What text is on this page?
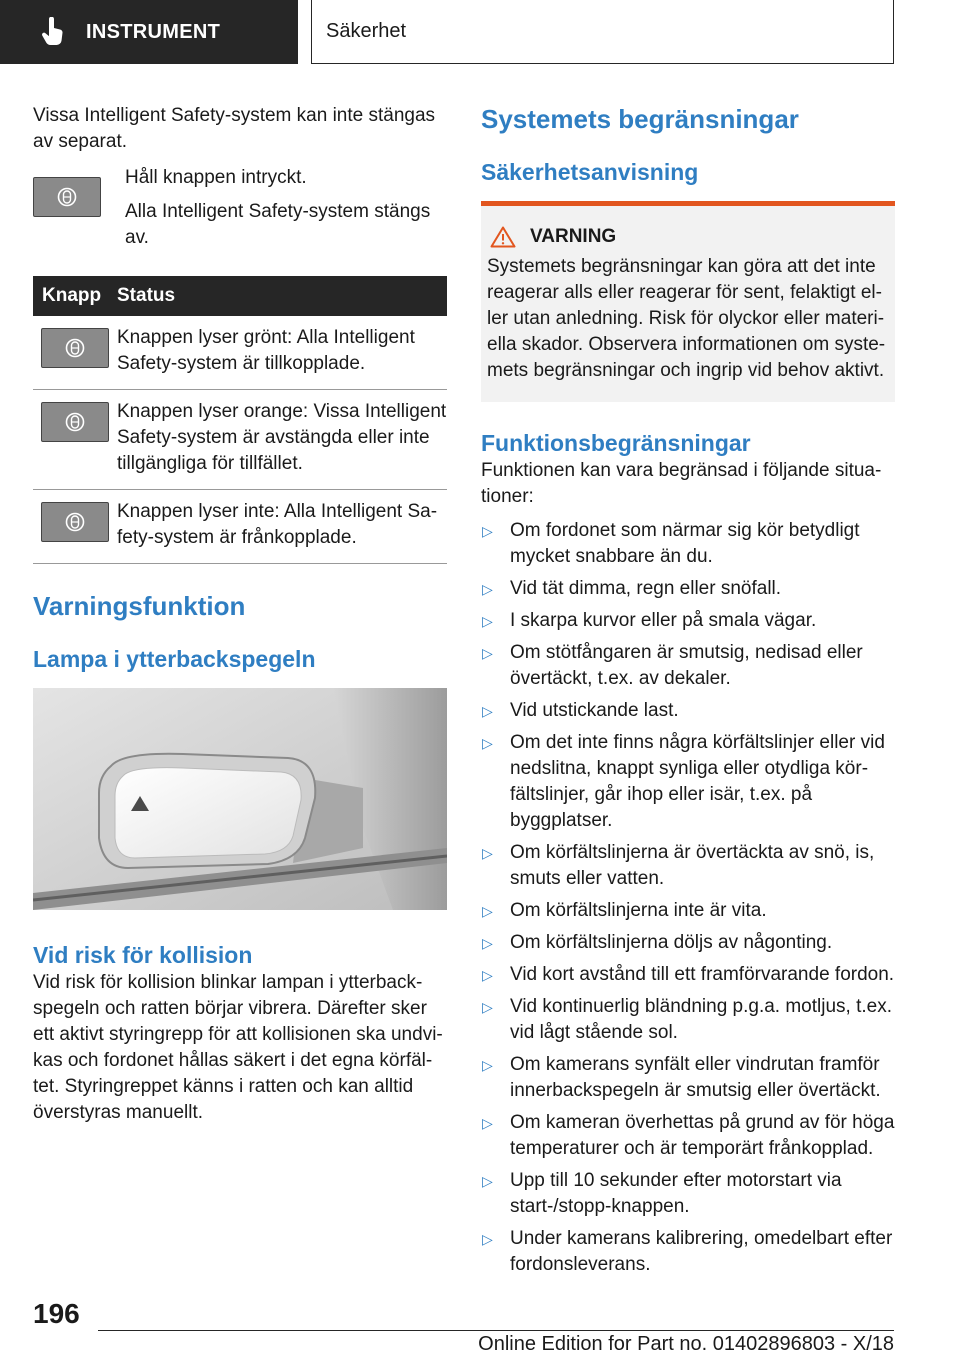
INSTRUMENT	Säkerhet

Vissa Intelligent Safety-system kan inte stängas av separat.

Håll knappen intryckt.

Alla Intelligent Safety-system stängs av.

Knapp	Status

	Knappen lyser grönt: Alla Intelligent Safety-system är tillkopplade.

	Knappen lyser orange: Vissa Intelligent Safety-system är avstängda eller inte tillgängliga för tillfället.

	Knappen lyser inte: Alla Intelligent Safety-system är frånkopplade.
Varningsfunktion
Lampa i ytterbackspegeln
Vid risk för kollision

Vid risk för kollision blinkar lampan i ytterbackspegeln och ratten börjar vibrera. Därefter sker ett aktivt styringrepp för att kollisionen ska undvikas och fordonet hållas säkert i det egna körfältet. Styringreppet känns i ratten och kan alltid överstyras manuellt.

Systemets begränsningar
Säkerhetsanvisning
VARNING

Systemets begränsningar kan göra att det inte reagerar alls eller reagerar för sent, felaktigt eller utan anledning. Risk för olyckor eller materiella skador. Observera informationen om systemets begränsningar och ingrip vid behov aktivt.

Funktionsbegränsningar

Funktionen kan vara begränsad i följande situationer:

▷ Om fordonet som närmar sig kör betydligt mycket snabbare än du.
▷ Vid tät dimma, regn eller snöfall.
▷ I skarpa kurvor eller på smala vägar.
▷ Om stötfångaren är smutsig, nedisad eller övertäckt, t.ex. av dekaler.
▷ Vid utstickande last.
▷ Om det inte finns några körfältslinjer eller vid nedslitna, knappt synliga eller otydliga körfältslinjer, går ihop eller isär, t.ex. på byggplatser.
▷ Om körfältslinjerna är övertäckta av snö, is, smuts eller vatten.
▷ Om körfältslinjerna inte är vita.
▷ Om körfältslinjerna döljs av någonting.
▷ Vid kort avstånd till ett framförvarande fordon.
▷ Vid kontinuerlig bländning p.g.a. motljus, t.ex. vid lågt stående sol.
▷ Om kamerans synfält eller vindrutan framför innerbackspegeln är smutsig eller övertäckt.
▷ Om kameran överhettas på grund av för höga temperaturer och är temporärt frånkopplad.
▷ Upp till 10 sekunder efter motorstart via start-/stopp-knappen.
▷ Under kamerans kalibrering, omedelbart efter fordonsleverans.
196
Online Edition for Part no. 01402896803 - X/18
